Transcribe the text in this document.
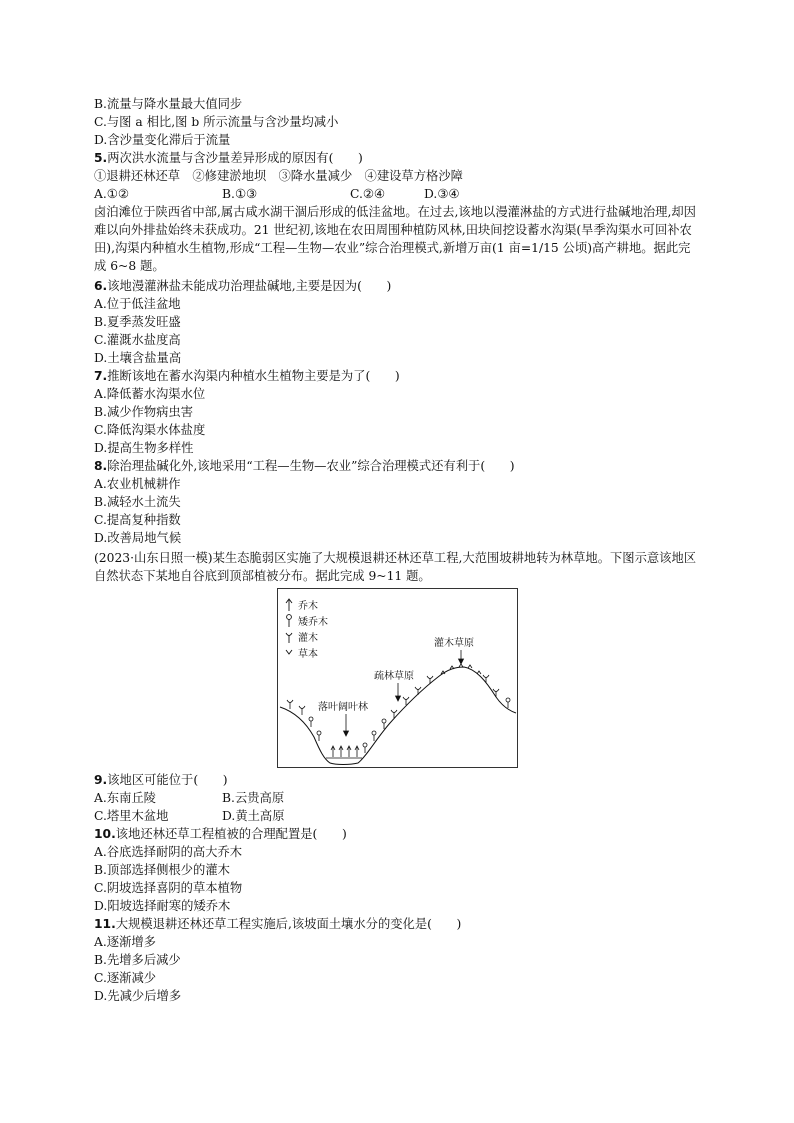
B.流量与降水量最大值同步
C.与图 a 相比,图 b 所示流量与含沙量均减小
D.含沙量变化滞后于流量
5.两次洪水流量与含沙量差异形成的原因有(　　)
①退耕还林还草　②修建淤地坝　③降水量减少　④建设草方格沙障
A.①②	B.①③	C.②④	D.③④
卤泊滩位于陕西省中部,属古咸水湖干涸后形成的低洼盆地。在过去,该地以漫灌淋盐的方式进行盐碱地治理,却因难以向外排盐始终未获成功。21 世纪初,该地在农田周围种植防风林,田块间挖设蓄水沟渠(旱季沟渠水可回补农田),沟渠内种植水生植物,形成“工程—生物—农业”综合治理模式,新增万亩(1 亩=1/15 公顷)高产耕地。据此完成 6~8 题。
6.该地漫灌淋盐未能成功治理盐碱地,主要是因为(　　)
A.位于低洼盆地
B.夏季蒸发旺盛
C.灌溉水盐度高
D.土壤含盐量高
7.推断该地在蓄水沟渠内种植水生植物主要是为了(　　)
A.降低蓄水沟渠水位
B.减少作物病虫害
C.降低沟渠水体盐度
D.提高生物多样性
8.除治理盐碱化外,该地采用“工程—生物—农业”综合治理模式还有利于(　　)
A.农业机械耕作
B.减轻水土流失
C.提高复种指数
D.改善局地气候
(2023·山东日照一模)某生态脆弱区实施了大规模退耕还林还草工程,大范围坡耕地转为林草地。下图示意该地区自然状态下某地自谷底到顶部植被分布。据此完成 9~11 题。
乔木
矮乔木
灌木
草本
灌木草原
疏林草原
落叶阔叶林
9.该地区可能位于(　　)
A.东南丘陵	B.云贵高原
C.塔里木盆地	D.黄土高原
10.该地还林还草工程植被的合理配置是(　　)
A.谷底选择耐阴的高大乔木
B.顶部选择侧根少的灌木
C.阴坡选择喜阴的草本植物
D.阳坡选择耐寒的矮乔木
11.大规模退耕还林还草工程实施后,该坡面土壤水分的变化是(　　)
A.逐渐增多
B.先增多后减少
C.逐渐减少
D.先减少后增多
